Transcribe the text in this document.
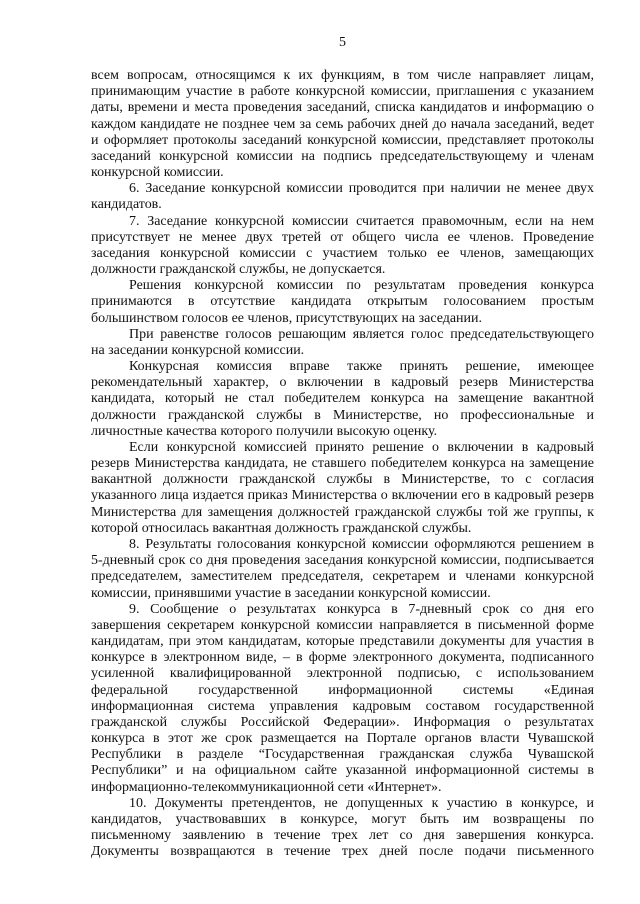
5
всем вопросам, относящимся к их функциям, в том числе направляет лицам,
принимающим участие в работе конкурсной комиссии, приглашения с указанием
даты, времени и места проведения заседаний, списка кандидатов и информацию о
каждом кандидате не позднее чем за семь рабочих дней до начала заседаний, ведет
и оформляет протоколы заседаний конкурсной комиссии, представляет протоколы
заседаний конкурсной комиссии на подпись председательствующему и членам
конкурсной комиссии.
6. Заседание конкурсной комиссии проводится при наличии не менее двух
кандидатов.
7. Заседание конкурсной комиссии считается правомочным, если на нем
присутствует не менее двух третей от общего числа ее членов. Проведение
заседания конкурсной комиссии с участием только ее членов, замещающих
должности гражданской службы, не допускается.
Решения конкурсной комиссии по результатам проведения конкурса
принимаются в отсутствие кандидата открытым голосованием простым
большинством голосов ее членов, присутствующих на заседании.
При равенстве голосов решающим является голос председательствующего
на заседании конкурсной комиссии.
Конкурсная комиссия вправе также принять решение, имеющее
рекомендательный характер, о включении в кадровый резерв Министерства
кандидата, который не стал победителем конкурса на замещение вакантной
должности гражданской службы в Министерстве, но профессиональные и
личностные качества которого получили высокую оценку.
Если конкурсной комиссией принято решение о включении в кадровый
резерв Министерства кандидата, не ставшего победителем конкурса на замещение
вакантной должности гражданской службы в Министерстве, то с согласия
указанного лица издается приказ Министерства о включении его в кадровый резерв
Министерства для замещения должностей гражданской службы той же группы, к
которой относилась вакантная должность гражданской службы.
8. Результаты голосования конкурсной комиссии оформляются решением в
5-дневный срок со дня проведения заседания конкурсной комиссии, подписывается
председателем, заместителем председателя, секретарем и членами конкурсной
комиссии, принявшими участие в заседании конкурсной комиссии.
9. Сообщение о результатах конкурса в 7-дневный срок со дня его
завершения секретарем конкурсной комиссии направляется в письменной форме
кандидатам, при этом кандидатам, которые представили документы для участия в
конкурсе в электронном виде, – в форме электронного документа, подписанного
усиленной квалифицированной электронной подписью, с использованием
федеральной государственной информационной системы «Единая
информационная система управления кадровым составом государственной
гражданской службы Российской Федерации». Информация о результатах
конкурса в этот же срок размещается на Портале органов власти Чувашской
Республики в разделе “Государственная гражданская служба Чувашской
Республики” и на официальном сайте указанной информационной системы в
информационно-телекоммуникационной сети «Интернет».
10. Документы претендентов, не допущенных к участию в конкурсе, и
кандидатов, участвовавших в конкурсе, могут быть им возвращены по
письменному заявлению в течение трех лет со дня завершения конкурса.
Документы возвращаются в течение трех дней после подачи письменного
